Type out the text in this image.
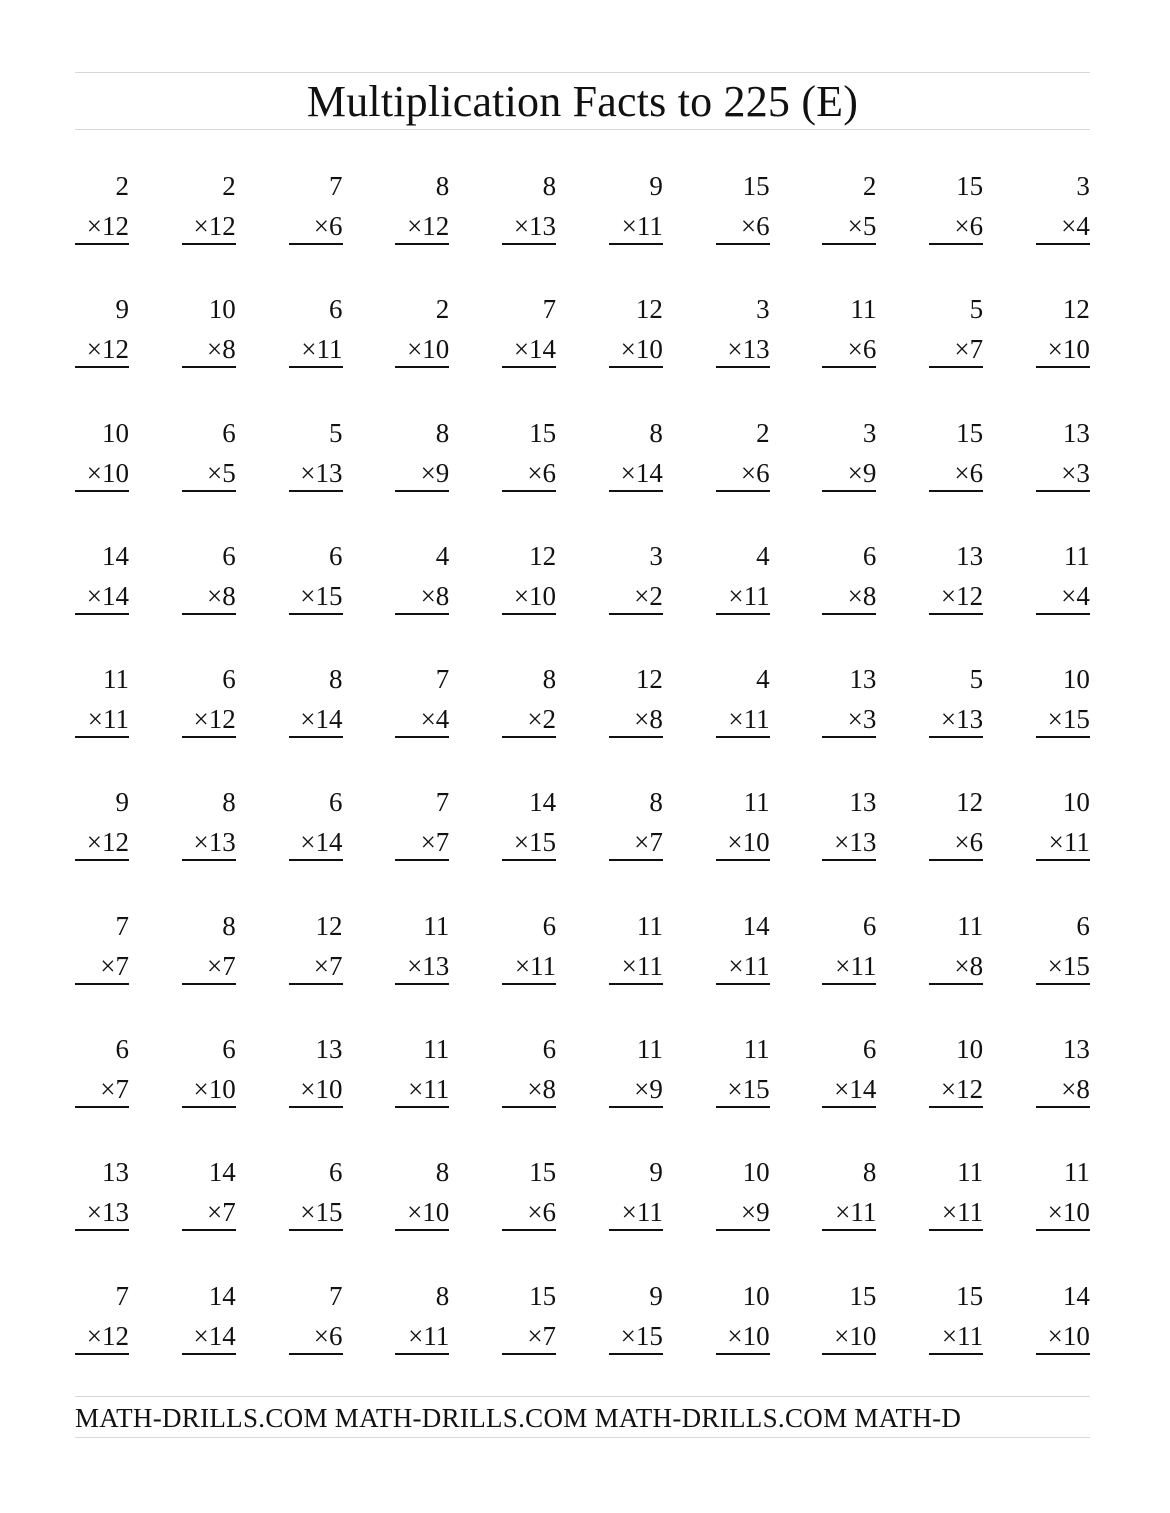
Multiplication Facts to 225 (E)
2
×12
2
×12
7
×6
8
×12
8
×13
9
×11
15
×6
2
×5
15
×6
3
×4
9
×12
10
×8
6
×11
2
×10
7
×14
12
×10
3
×13
11
×6
5
×7
12
×10
10
×10
6
×5
5
×13
8
×9
15
×6
8
×14
2
×6
3
×9
15
×6
13
×3
14
×14
6
×8
6
×15
4
×8
12
×10
3
×2
4
×11
6
×8
13
×12
11
×4
11
×11
6
×12
8
×14
7
×4
8
×2
12
×8
4
×11
13
×3
5
×13
10
×15
9
×12
8
×13
6
×14
7
×7
14
×15
8
×7
11
×10
13
×13
12
×6
10
×11
7
×7
8
×7
12
×7
11
×13
6
×11
11
×11
14
×11
6
×11
11
×8
6
×15
6
×7
6
×10
13
×10
11
×11
6
×8
11
×9
11
×15
6
×14
10
×12
13
×8
13
×13
14
×7
6
×15
8
×10
15
×6
9
×11
10
×9
8
×11
11
×11
11
×10
7
×12
14
×14
7
×6
8
×11
15
×7
9
×15
10
×10
15
×10
15
×11
14
×10
MATH-DRILLS.COM MATH-DRILLS.COM MATH-DRILLS.COM MATH-D
